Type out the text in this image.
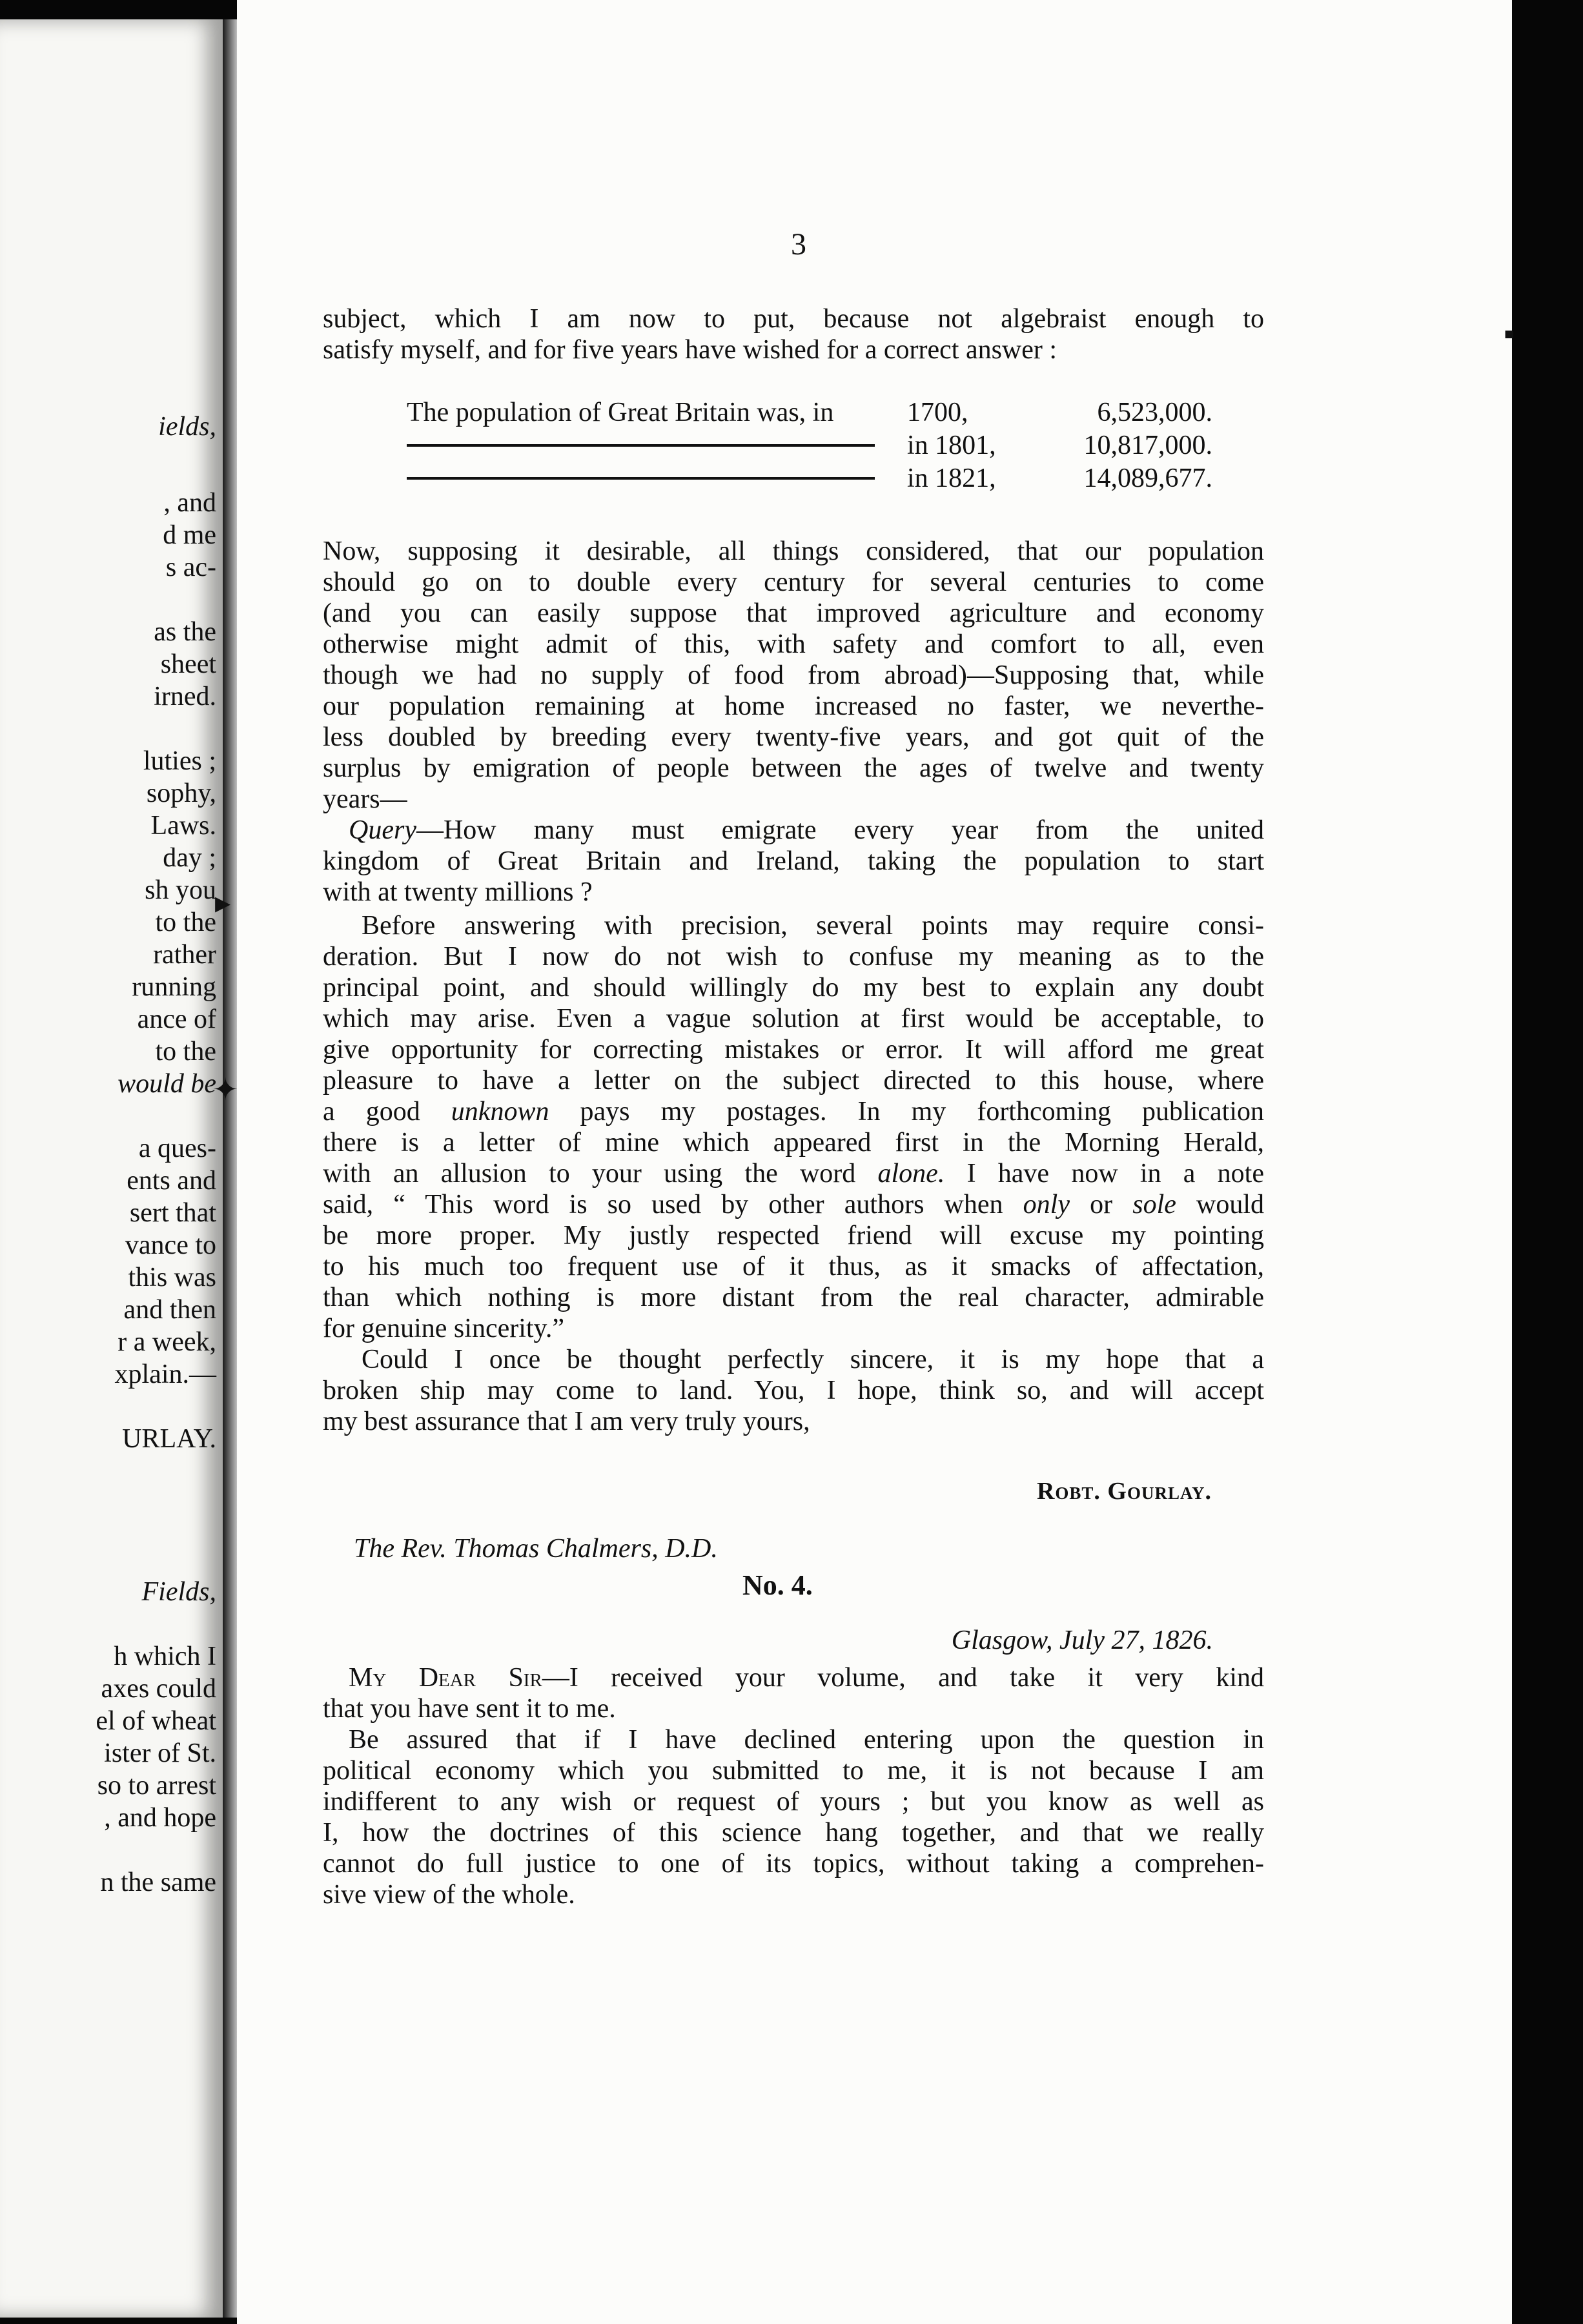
ields,
, and
d me
s ac-
as the
sheet
irned.
luties ;
sophy,
Laws.
day ;
sh you
to the
rather
running
ance of
to the
would be
a ques-
ents and
sert that
vance to
this was
and then
r a week,
xplain.—
URLAY.
Fields,
h which I
axes could
el of wheat
ister of St.
so to arrest
, and hope
n the same
▪
▸
✦
3
subject, which I am now to put, because not algebraist enough to
satisfy myself, and for five years have wished for a correct answer :
The population of Great Britain was, in	1700,	6,523,000.
in 1801,	10,817,000.
in 1821,	14,089,677.
Now, supposing it desirable, all things considered, that our population
should go on to double every century for several centuries to come
(and you can easily suppose that improved agriculture and economy
otherwise might admit of this, with safety and comfort to all, even
though we had no supply of food from abroad)—Supposing that, while
our population remaining at home increased no faster, we neverthe-
less doubled by breeding every twenty-five years, and got quit of the
surplus by emigration of people between the ages of twelve and twenty
years—
Query—How many must emigrate every year from the united
kingdom of Great Britain and Ireland, taking the population to start
with at twenty millions ?
Before answering with precision, several points may require consi-
deration. But I now do not wish to confuse my meaning as to the
principal point, and should willingly do my best to explain any doubt
which may arise. Even a vague solution at first would be acceptable, to
give opportunity for correcting mistakes or error. It will afford me great
pleasure to have a letter on the subject directed to this house, where
a good unknown pays my postages. In my forthcoming publication
there is a letter of mine which appeared first in the Morning Herald,
with an allusion to your using the word alone. I have now in a note
said, “ This word is so used by other authors when only or sole would
be more proper. My justly respected friend will excuse my pointing
to his much too frequent use of it thus, as it smacks of affectation,
than which nothing is more distant from the real character, admirable
for genuine sincerity.”
Could I once be thought perfectly sincere, it is my hope that a
broken ship may come to land. You, I hope, think so, and will accept
my best assurance that I am very truly yours,
Robt. Gourlay.
The Rev. Thomas Chalmers, D.D.
No. 4.
Glasgow, July 27, 1826.
My Dear Sir—I received your volume, and take it very kind
that you have sent it to me.
Be assured that if I have declined entering upon the question in
political economy which you submitted to me, it is not because I am
indifferent to any wish or request of yours ; but you know as well as
I, how the doctrines of this science hang together, and that we really
cannot do full justice to one of its topics, without taking a comprehen-
sive view of the whole.
